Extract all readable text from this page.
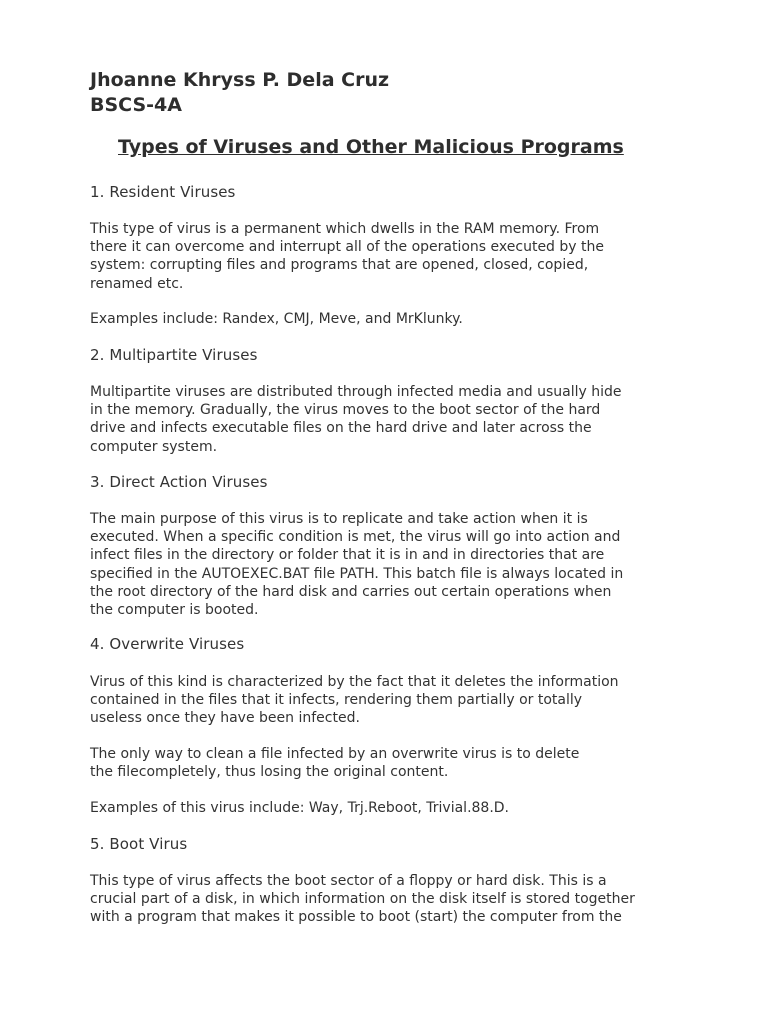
Jhoanne Khryss P. Dela Cruz
BSCS-4A
Types of Viruses and Other Malicious Programs
1. Resident Viruses
This type of virus is a permanent which dwells in the RAM memory. From
there it can overcome and interrupt all of the operations executed by the
system: corrupting files and programs that are opened, closed, copied,
renamed etc.
Examples include: Randex, CMJ, Meve, and MrKlunky.
2. Multipartite Viruses
Multipartite viruses are distributed through infected media and usually hide
in the memory. Gradually, the virus moves to the boot sector of the hard
drive and infects executable files on the hard drive and later across the
computer system.
3. Direct Action Viruses
The main purpose of this virus is to replicate and take action when it is
executed. When a specific condition is met, the virus will go into action and
infect files in the directory or folder that it is in and in directories that are
specified in the AUTOEXEC.BAT file PATH. This batch file is always located in
the root directory of the hard disk and carries out certain operations when
the computer is booted.
4. Overwrite Viruses
Virus of this kind is characterized by the fact that it deletes the information
contained in the files that it infects, rendering them partially or totally
useless once they have been infected.
The only way to clean a file infected by an overwrite virus is to delete
the filecompletely, thus losing the original content.
Examples of this virus include: Way, Trj.Reboot, Trivial.88.D.
5. Boot Virus
This type of virus affects the boot sector of a floppy or hard disk. This is a
crucial part of a disk, in which information on the disk itself is stored together
with a program that makes it possible to boot (start) the computer from the
